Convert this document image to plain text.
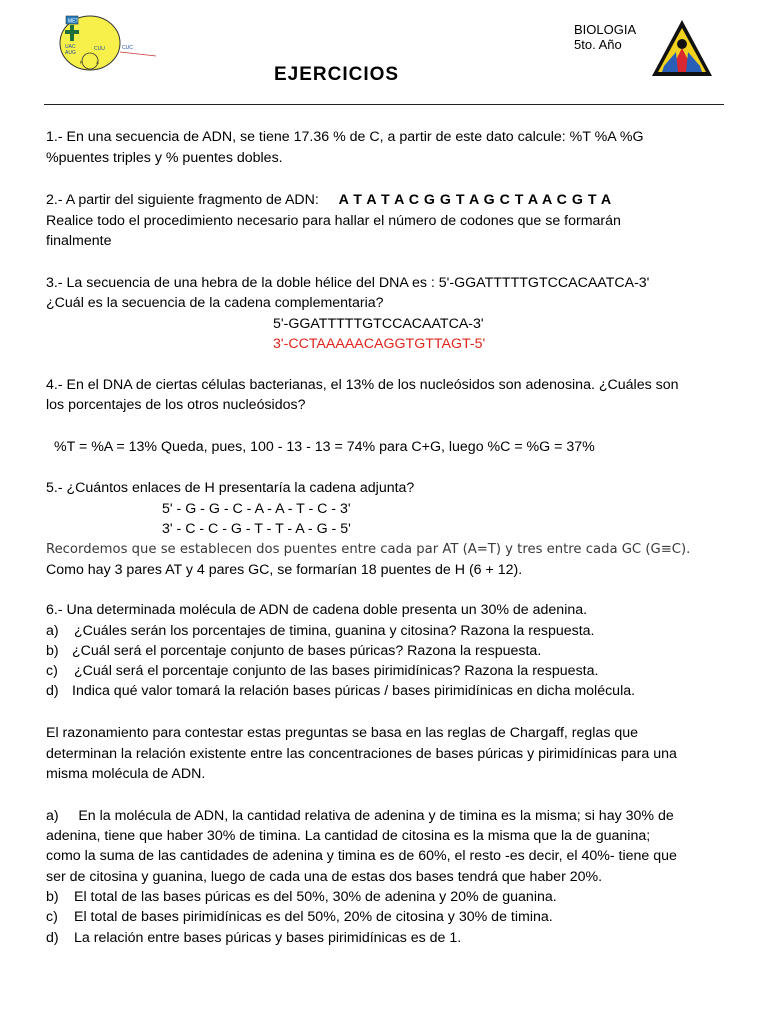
MET
UAC
AUG
CUU	CUC
P	A
BIOLOGIA
5to. Año
EJERCICIOS
1.- En una secuencia de ADN, se tiene 17.36 % de C, a partir de este dato calcule: %T %A %G
%puentes triples y % puentes dobles.
2.- A partir del siguiente fragmento de ADN: A T A T A C G G T A G C T A A C G T A
Realice todo el procedimiento necesario para hallar el número de codones que se formarán
finalmente
3.- La secuencia de una hebra de la doble hélice del DNA es : 5'-GGATTTTTGTCCACAATCA-3'
¿Cuál es la secuencia de la cadena complementaria?
5'-GGATTTTTGTCCACAATCA-3'
3'-CCTAAAAACAGGTGTTAGT-5'
4.- En el DNA de ciertas células bacterianas, el 13% de los nucleósidos son adenosina. ¿Cuáles son
los porcentajes de los otros nucleósidos?
%T = %A = 13% Queda, pues, 100 - 13 - 13 = 74% para C+G, luego %C = %G = 37%
5.- ¿Cuántos enlaces de H presentaría la cadena adjunta?
5' - G - G - C - A - A - T - C - 3'
3' - C - C - G - T - T - A - G - 5'
Recordemos que se establecen dos puentes entre cada par AT (A=T) y tres entre cada GC (G≡C).
Como hay 3 pares AT y 4 pares GC, se formarían 18 puentes de H (6 + 12).
6.- Una determinada molécula de ADN de cadena doble presenta un 30% de adenina.
a) ¿Cuáles serán los porcentajes de timina, guanina y citosina? Razona la respuesta.
b) ¿Cuál será el porcentaje conjunto de bases púricas? Razona la respuesta.
c) ¿Cuál será el porcentaje conjunto de las bases pirimidínicas? Razona la respuesta.
d) Indica qué valor tomará la relación bases púricas / bases pirimidínicas en dicha molécula.
El razonamiento para contestar estas preguntas se basa en las reglas de Chargaff, reglas que
determinan la relación existente entre las concentraciones de bases púricas y pirimidínicas para una
misma molécula de ADN.
a)     En la molécula de ADN, la cantidad relativa de adenina y de timina es la misma; si hay 30% de
adenina, tiene que haber 30% de timina. La cantidad de citosina es la misma que la de guanina;
como la suma de las cantidades de adenina y timina es de 60%, el resto -es decir, el 40%- tiene que
ser de citosina y guanina, luego de cada una de estas dos bases tendrá que haber 20%.
b) El total de las bases púricas es del 50%, 30% de adenina y 20% de guanina.
c) El total de bases pirimidínicas es del 50%, 20% de citosina y 30% de timina.
d) La relación entre bases púricas y bases pirimidínicas es de 1.
